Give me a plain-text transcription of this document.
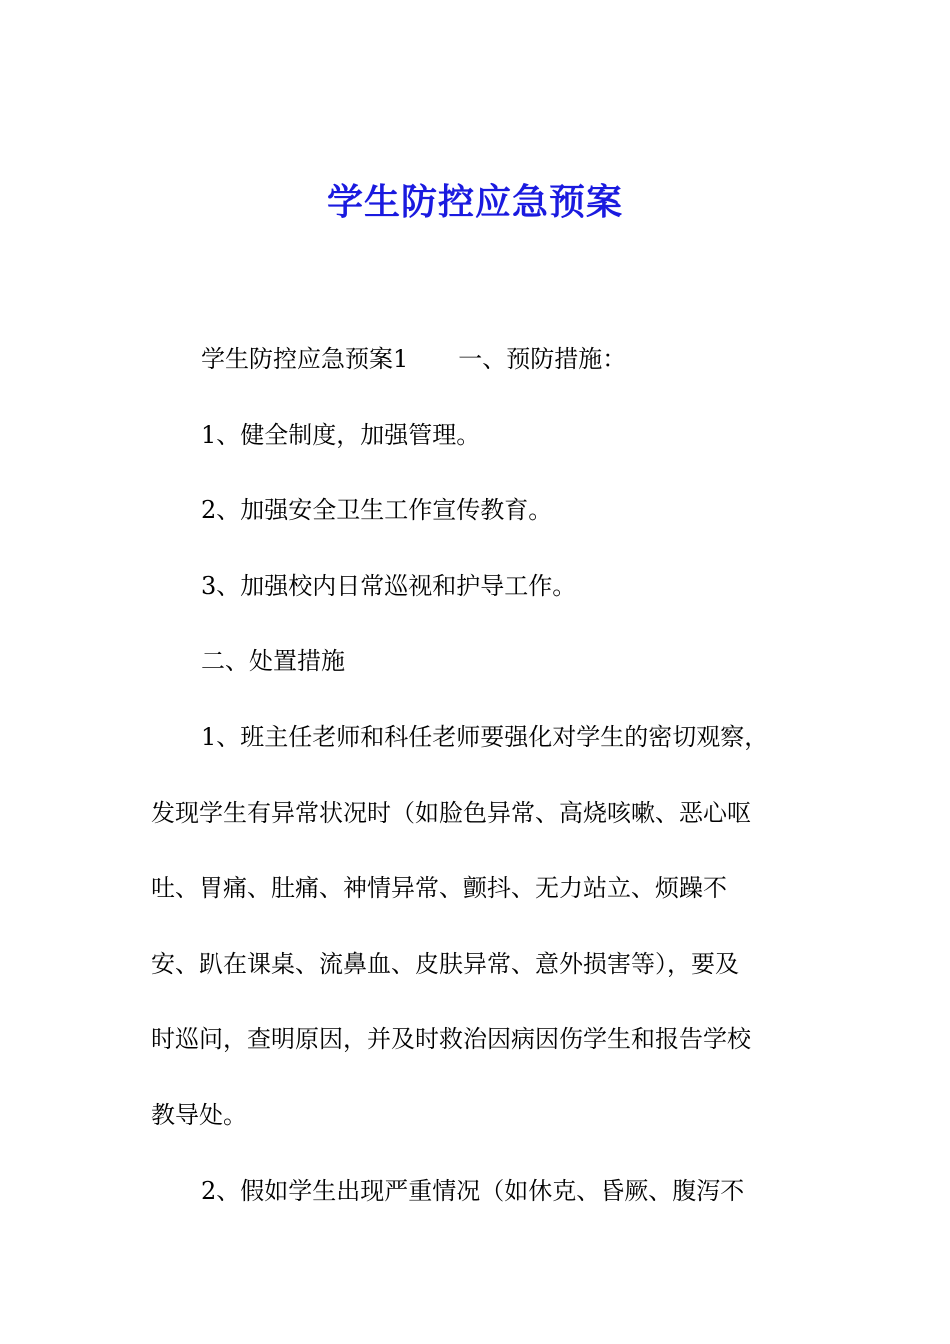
学生防控应急预案
学生防控应急预案1 一、预防措施：
1、健全制度，加强管理。
2、加强安全卫生工作宣传教育。
3、加强校内日常巡视和护导工作。
二、处置措施
1、班主任老师和科任老师要强化对学生的密切观察，
发现学生有异常状况时（如脸色异常、高烧咳嗽、恶心呕
吐、胃痛、肚痛、神情异常、颤抖、无力站立、烦躁不
安、趴在课桌、流鼻血、皮肤异常、意外损害等），要及
时巡问，查明原因，并及时救治因病因伤学生和报告学校
教导处。
2、假如学生出现严重情况（如休克、昏厥、腹泻不
